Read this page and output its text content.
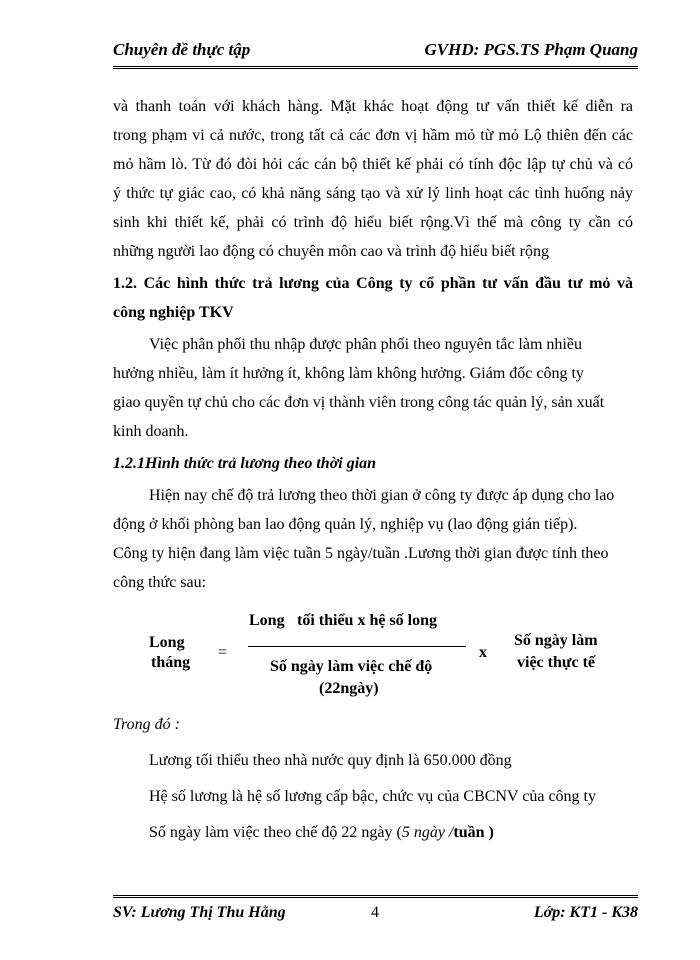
Chuyên đề thực tập	GVHD: PGS.TS Phạm Quang
và thanh toán với khách hàng. Mặt khác hoạt động tư vấn thiết kế diễn ra
trong phạm vi cả nước, trong tất cả các đơn vị hầm mỏ từ mỏ Lộ thiên đến các
mỏ hầm lò. Từ đó đòi hỏi các cán bộ thiết kế phải có tính độc lập tự chủ và có
ý thức tự giác cao, có khả năng sáng tạo và xử lý linh hoạt các tình huống nảy
sinh khi thiết kế, phải có trình độ hiểu biết rộng.Vì thế mà công ty cần có
những người lao động có chuyên môn cao và trình độ hiểu biết rộng
1.2. Các hình thức trả lương của Công ty cổ phần tư vấn đầu tư mỏ và
công nghiệp TKV
Việc phân phối thu nhập được phân phối theo nguyên tắc làm nhiều
hưởng nhiều, làm ít hưởng ít, không làm không hưởng. Giám đốc công ty
giao quyền tự chủ cho các đơn vị thành viên trong công tác quản lý, sản xuất
kinh doanh.
1.2.1Hình thức trả lương theo thời gian
Hiện nay chế độ trả lương theo thời gian ở công ty được áp dụng cho lao
động ở khối phòng ban lao động quản lý, nghiệp vụ (lao động gián tiếp).
Công ty hiện đang làm việc tuần 5 ngày/tuần .Lương thời gian được tính theo
công thức sau:
Long
tháng
=
Long tối thiểu x hệ số long
Số ngày làm việc chế độ
(22ngày)
x
Số ngày làm
việc thực tế
Trong đó :
Lương tối thiểu theo nhà nước quy định là 650.000 đồng
Hệ số lương là hệ số lương cấp bậc, chức vụ của CBCNV của công ty
Số ngày làm việc theo chế độ 22 ngày (5 ngày /tuần )
SV: Lương Thị Thu Hằng	4	Lớp: KT1 - K38
